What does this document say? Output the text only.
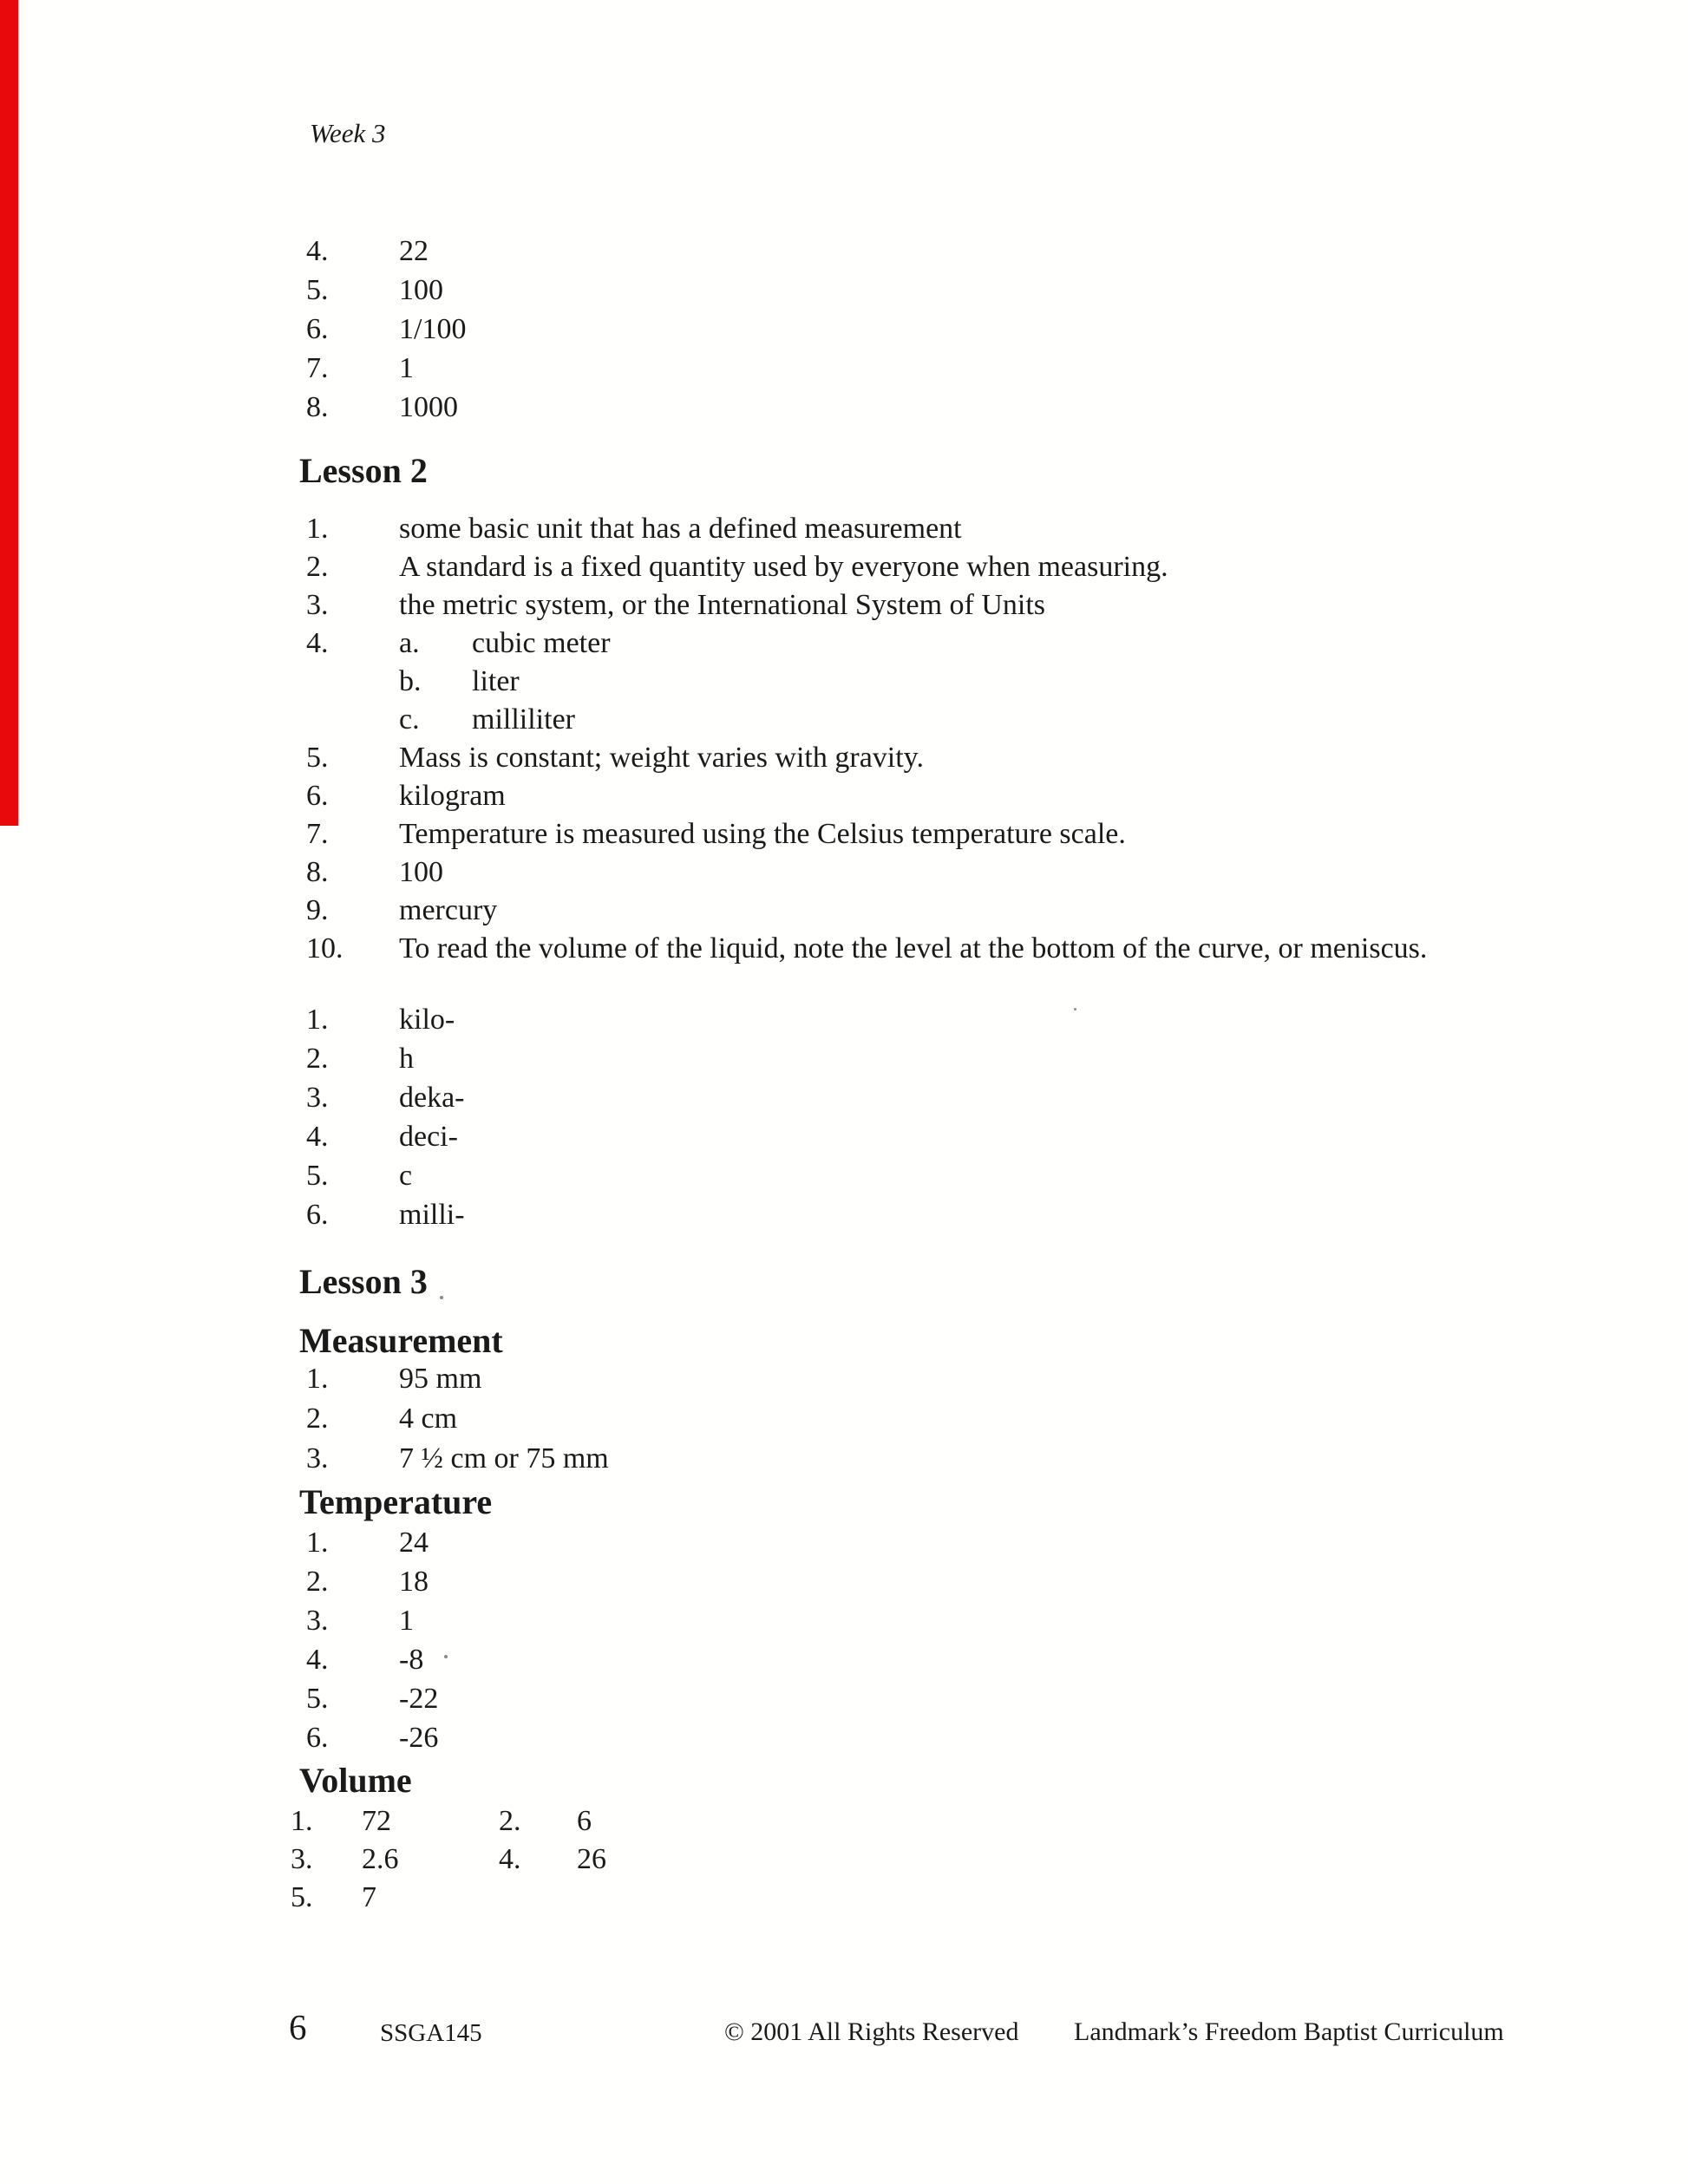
Week 3
4.	22
5.	100
6.	1/100
7.	1
8.	1000
Lesson 2
1.	some basic unit that has a defined measurement
2.	A standard is a fixed quantity used by everyone when measuring.
3.	the metric system, or the International System of Units
4.	a.	cubic meter
b.	liter
c.	milliliter
5.	Mass is constant; weight varies with gravity.
6.	kilogram
7.	Temperature is measured using the Celsius temperature scale.
8.	100
9.	mercury
10.	To read the volume of the liquid, note the level at the bottom of the curve, or meniscus.
1.	kilo-
2.	h
3.	deka-
4.	deci-
5.	c
6.	milli-
Lesson 3
Measurement
1.	95 mm
2.	4 cm
3.	7 ½ cm or 75 mm
Temperature
1.	24
2.	18
3.	1
4.	-8
5.	-22
6.	-26
Volume
1.	72	2.	6
3.	2.6	4.	26
5.	7
6	SSGA145	© 2001 All Rights Reserved Landmark’s Freedom Baptist Curriculum
